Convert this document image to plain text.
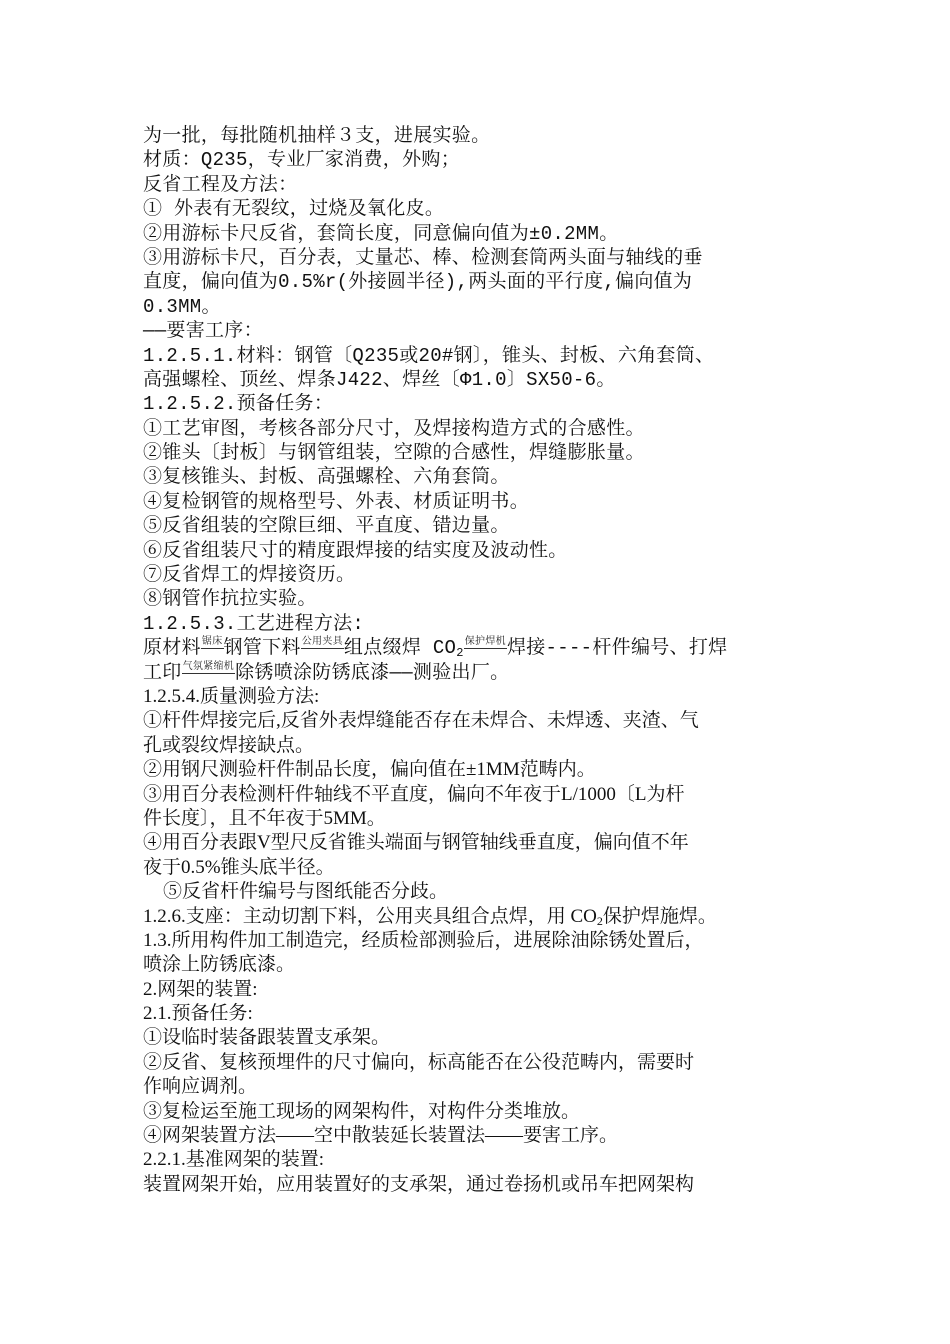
为一批，每批随机抽样３支，进展实验。
材质：Q235，专业厂家消费，外购；
反省工程及方法：
① 外表有无裂纹，过烧及氧化皮。
②用游标卡尺反省，套筒长度，同意偏向值为±0.2MM。
③用游标卡尺，百分表，丈量芯、棒、检测套筒两头面与轴线的垂
直度，偏向值为0.5%r(外接圆半径),两头面的平行度,偏向值为
0.3MM。
——要害工序：
1.2.5.1.材料：钢管〔Q235或20#钢〕，锥头、封板、六角套筒、
高强螺栓、顶丝、焊条J422、焊丝〔Φ1.0〕SX50-6。
1.2.5.2.预备任务：
①工艺审图，考核各部分尺寸，及焊接构造方式的合感性。
②锥头〔封板〕与钢管组装，空隙的合感性，焊缝膨胀量。
③复核锥头、封板、高强螺栓、六角套筒。
④复检钢管的规格型号、外表、材质证明书。
⑤反省组装的空隙巨细、平直度、错边量。
⑥反省组装尺寸的精度跟焊接的结实度及波动性。
⑦反省焊工的焊接资历。
⑧钢管作抗拉实验。
1.2.5.3.工艺进程方法:
原材料锯床钢管下料公用夹具组点缀焊 $CO_2$保护焊机焊接----杆件编号、打焊
工印气氛紧缩机除锈喷涂防锈底漆——测验出厂。
1.2.5.4.质量测验方法:
①杆件焊接完后,反省外表焊缝能否存在未焊合、未焊透、夹渣、气
孔或裂纹焊接缺点。
②用钢尺测验杆件制品长度，偏向值在±1MM范畴内。
③用百分表检测杆件轴线不平直度，偏向不年夜于L/1000〔L为杆
件长度〕，且不年夜于5MM。
④用百分表跟V型尺反省锥头端面与钢管轴线垂直度，偏向值不年
夜于0.5%锥头底半径。
⑤反省杆件编号与图纸能否分歧。
1.2.6.支座：主动切割下料，公用夹具组合点焊，用 $CO_2$保护焊施焊。
1.3.所用构件加工制造完，经质检部测验后，进展除油除锈处置后，
喷涂上防锈底漆。
2.网架的装置:
2.1.预备任务:
①设临时装备跟装置支承架。
②反省、复核预埋件的尺寸偏向，标高能否在公役范畴内，需要时
作响应调剂。
③复检运至施工现场的网架构件，对构件分类堆放。
④网架装置方法——空中散装延长装置法——要害工序。
2.2.1.基准网架的装置:
装置网架开始，应用装置好的支承架，通过卷扬机或吊车把网架构
